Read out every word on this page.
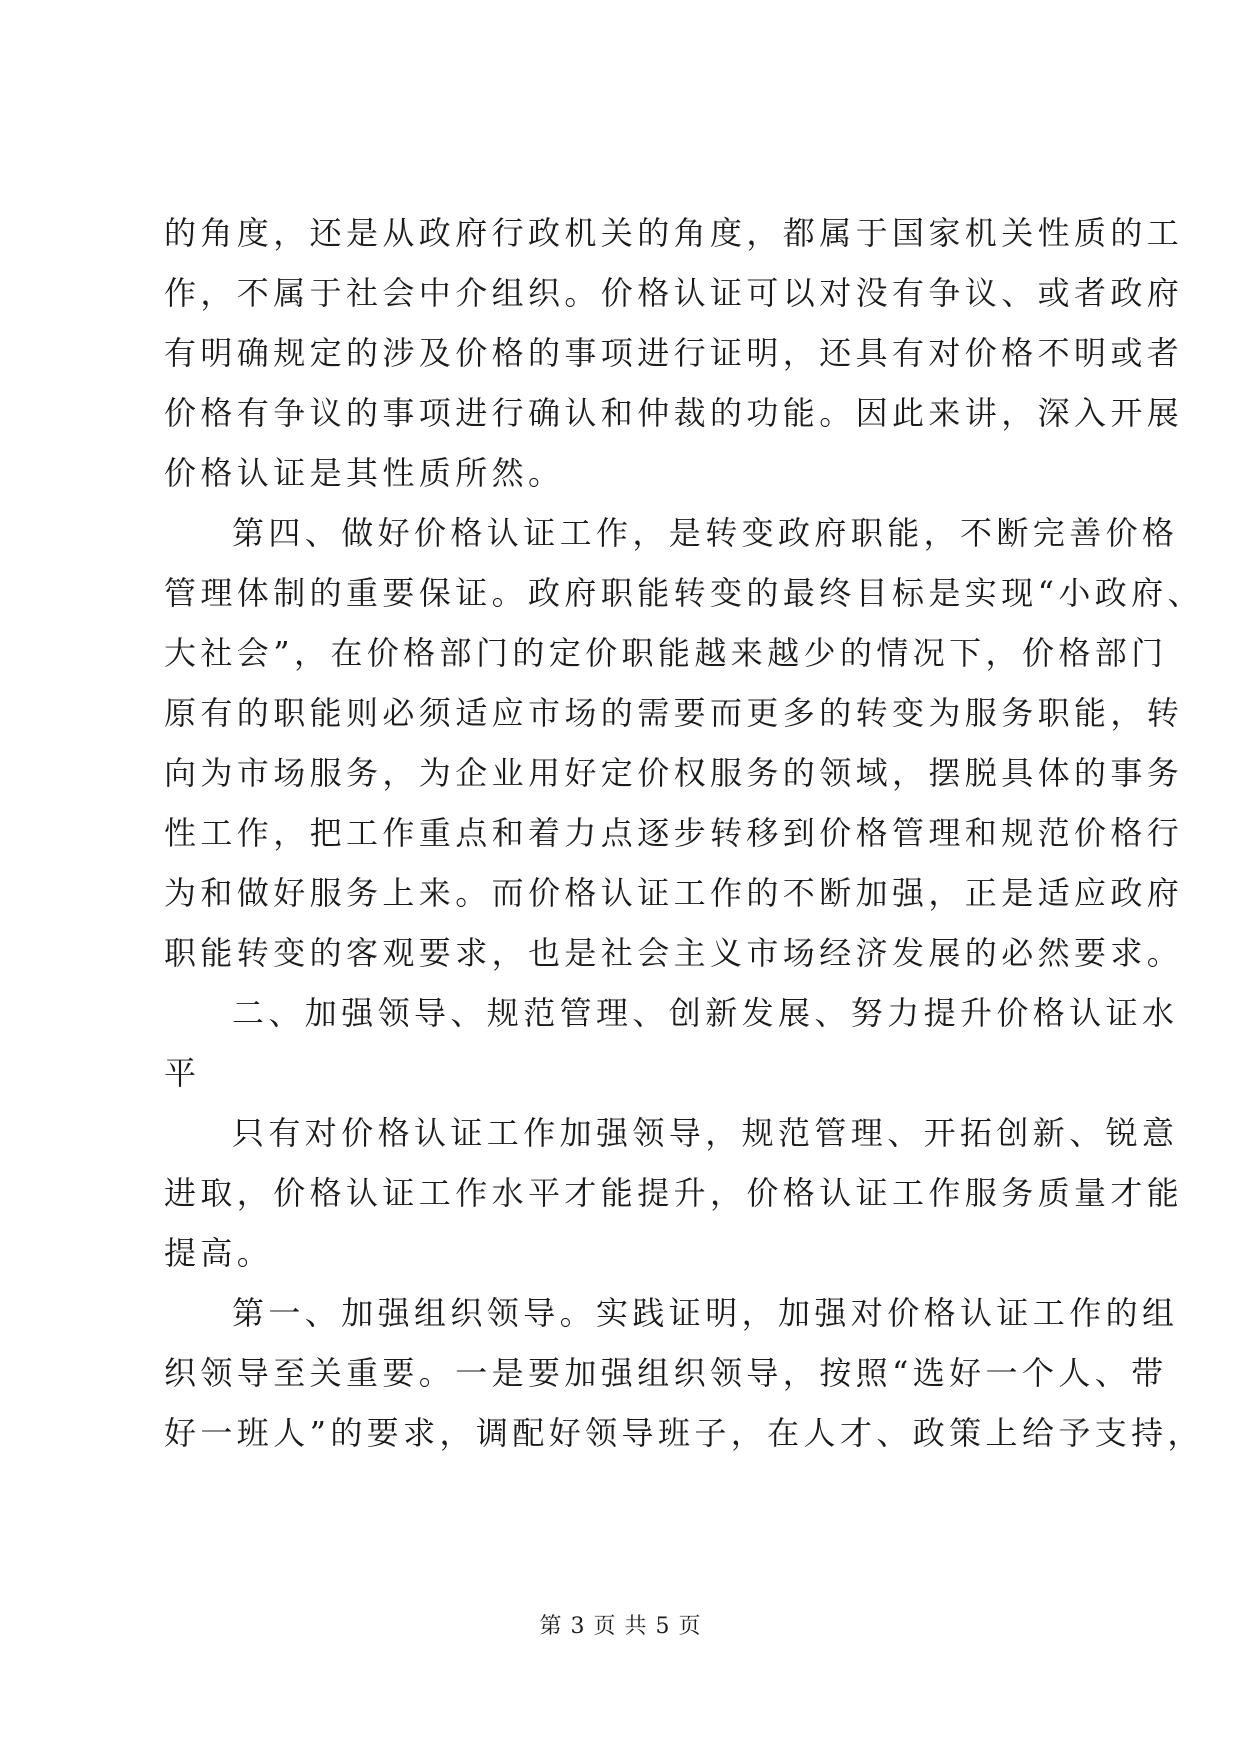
的角度，还是从政府行政机关的角度，都属于国家机关性质的工
作，不属于社会中介组织。价格认证可以对没有争议、或者政府
有明确规定的涉及价格的事项进行证明，还具有对价格不明或者
价格有争议的事项进行确认和仲裁的功能。因此来讲，深入开展
价格认证是其性质所然。
第四、做好价格认证工作，是转变政府职能，不断完善价格
管理体制的重要保证。政府职能转变的最终目标是实现“小政府、
大社会”，在价格部门的定价职能越来越少的情况下，价格部门
原有的职能则必须适应市场的需要而更多的转变为服务职能，转
向为市场服务，为企业用好定价权服务的领域，摆脱具体的事务
性工作，把工作重点和着力点逐步转移到价格管理和规范价格行
为和做好服务上来。而价格认证工作的不断加强，正是适应政府
职能转变的客观要求，也是社会主义市场经济发展的必然要求。
二、加强领导、规范管理、创新发展、努力提升价格认证水
平
只有对价格认证工作加强领导，规范管理、开拓创新、锐意
进取，价格认证工作水平才能提升，价格认证工作服务质量才能
提高。
第一、加强组织领导。实践证明，加强对价格认证工作的组
织领导至关重要。一是要加强组织领导，按照“选好一个人、带
好一班人”的要求，调配好领导班子，在人才、政策上给予支持，
第 3 页 共 5 页
